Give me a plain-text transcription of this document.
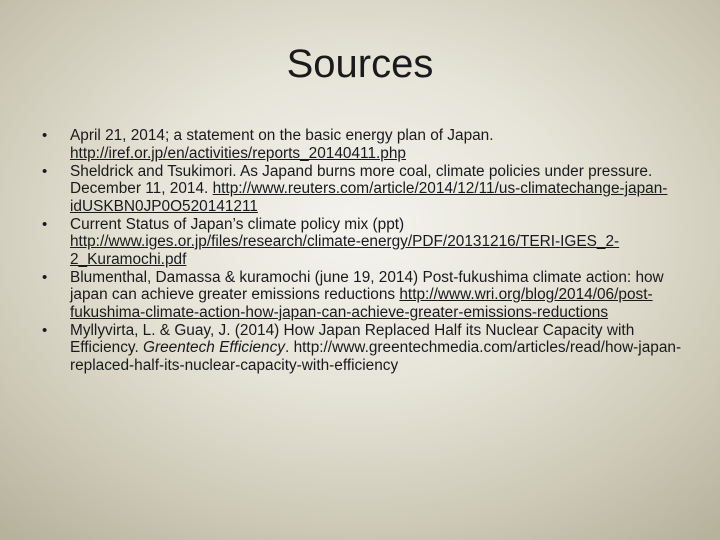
Sources
•	April 21, 2014; a statement on the basic energy plan of Japan. http://iref.or.jp/en/activities/reports_20140411.php
•	Sheldrick and Tsukimori. As Japand burns more coal, climate policies under pressure. December 11, 2014. http://www.reuters.com/article/2014/12/11/us-climatechange-japan-idUSKBN0JP0O520141211
•	Current Status of Japan’s climate policy mix (ppt) http://www.iges.or.jp/files/research/climate-energy/PDF/20131216/TERI-IGES_2-2_Kuramochi.pdf
•	Blumenthal, Damassa & kuramochi (june 19, 2014) Post-fukushima climate action: how japan can achieve greater emissions reductions http://www.wri.org/blog/2014/06/post-fukushima-climate-action-how-japan-can-achieve-greater-emissions-reductions
•	Myllyvirta, L. & Guay, J. (2014) How Japan Replaced Half its Nuclear Capacity with Efficiency. Greentech Efficiency. http://www.greentechmedia.com/articles/read/how-japan-replaced-half-its-nuclear-capacity-with-efficiency
